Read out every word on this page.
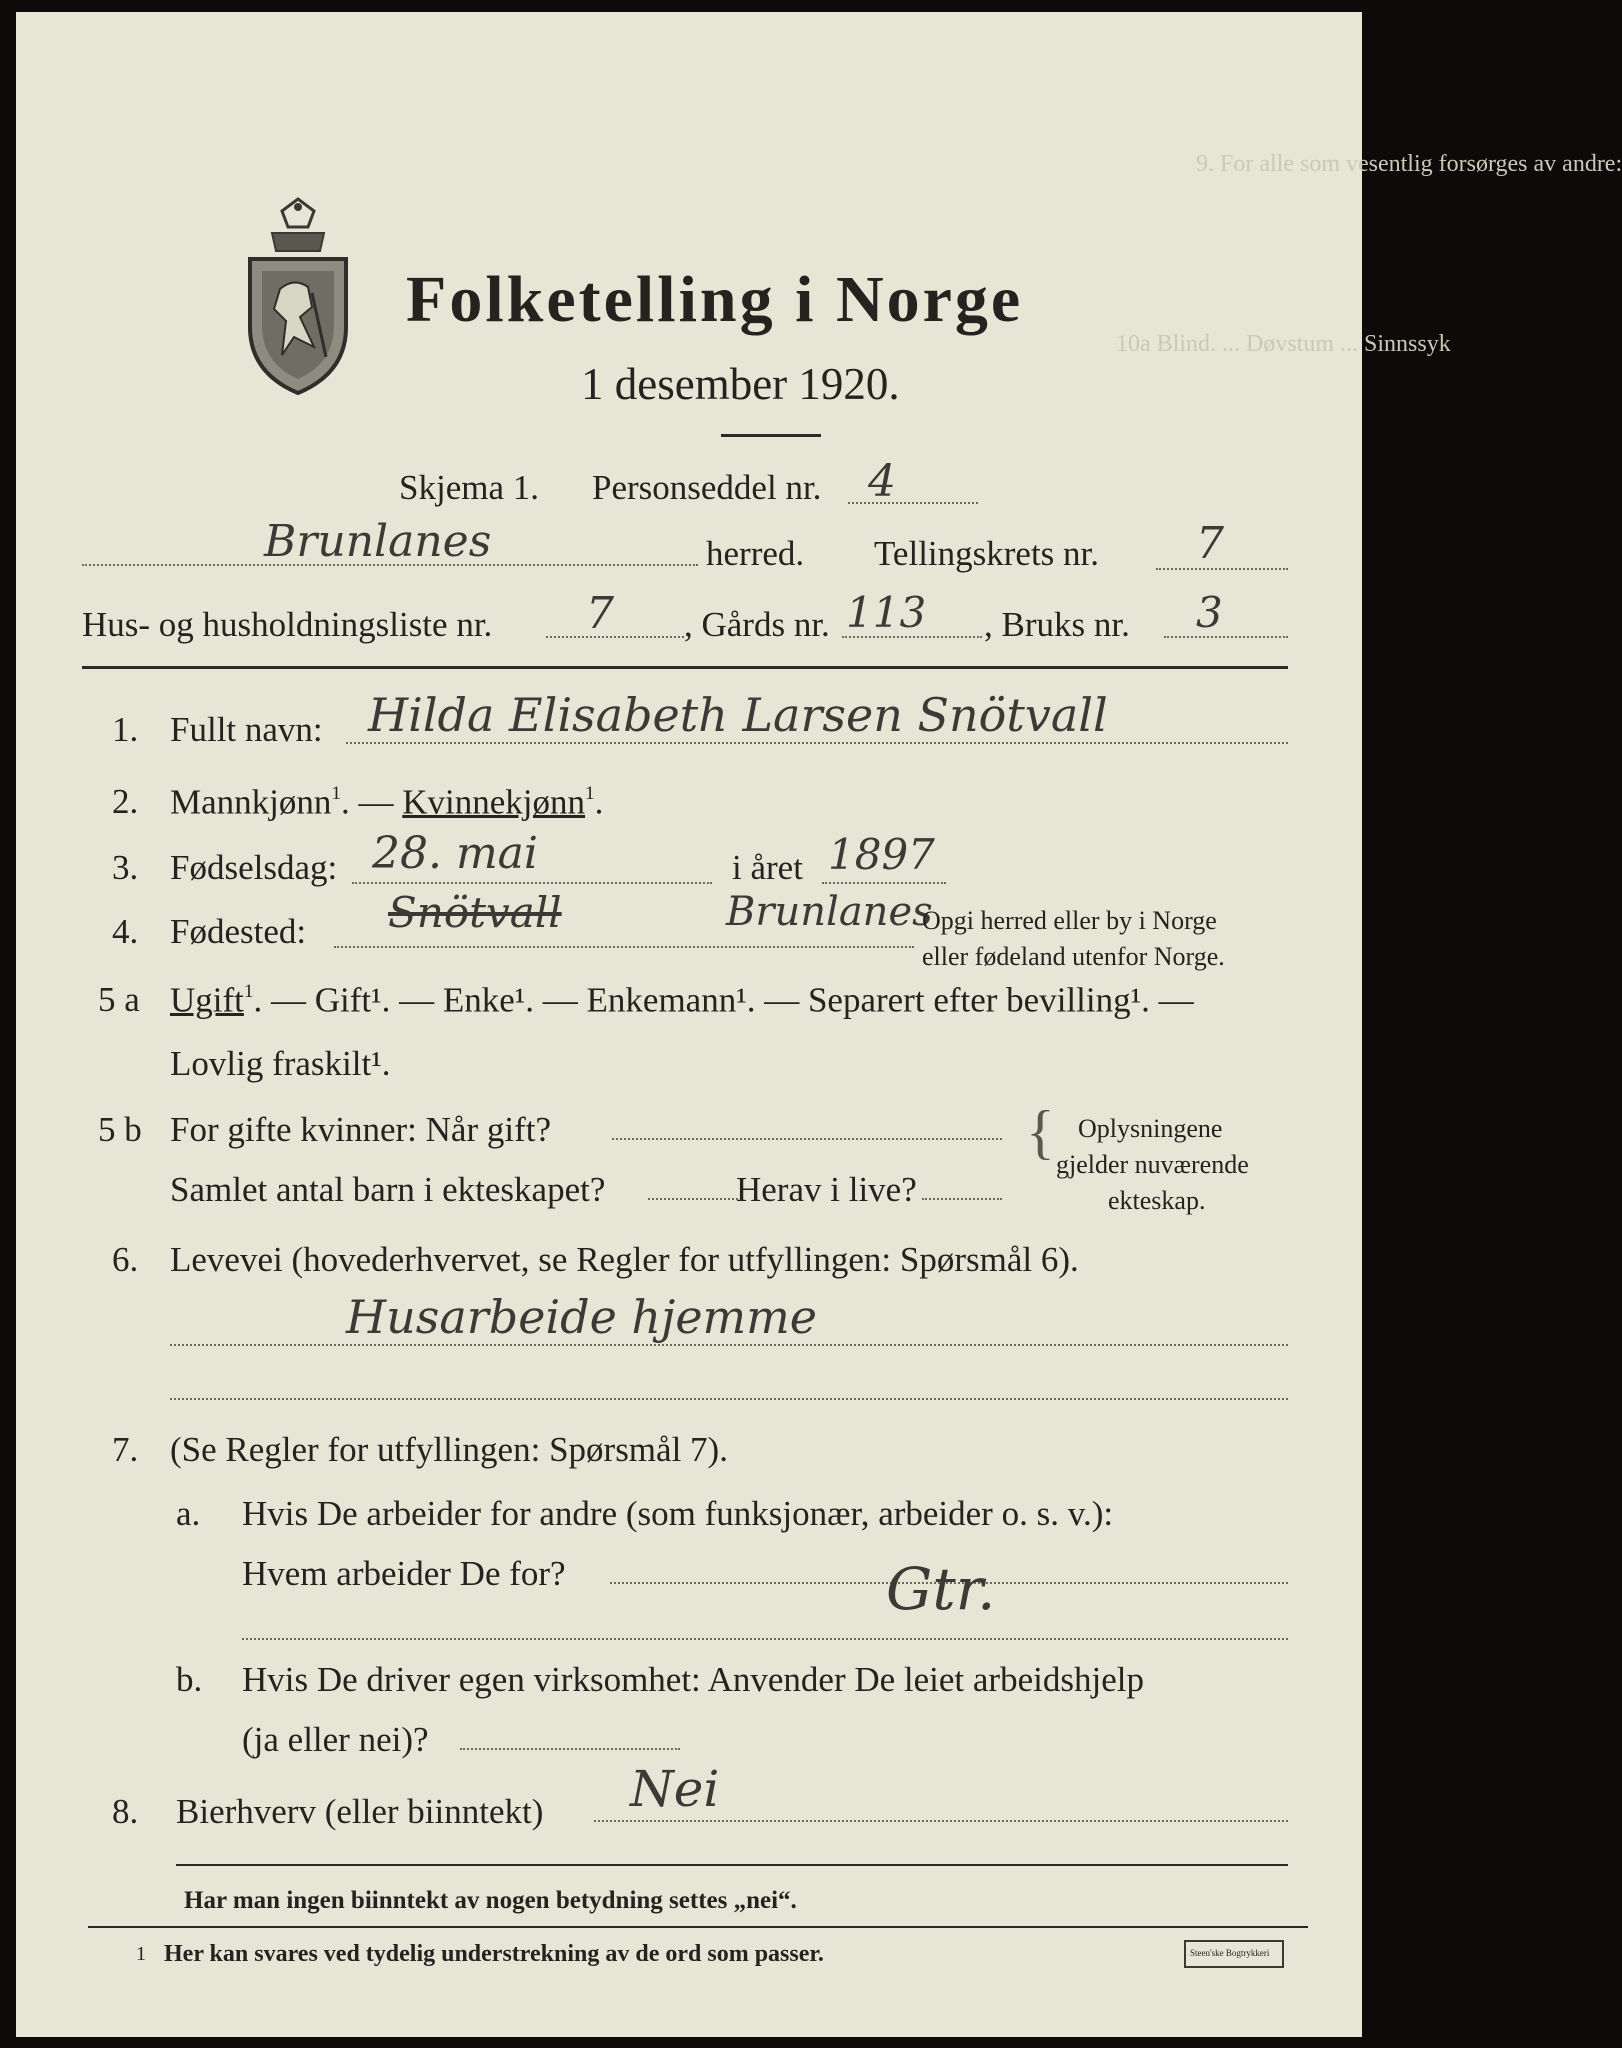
9. For alle som vesentlig forsørges av andre:
10a Blind. ... Døvstum ... Sinnssyk
Folketelling i Norge
1 desember 1920.
Skjema 1. Personseddel nr. 4
Brunlanes	herred. Tellingskrets nr. 7
Hus- og husholdningsliste nr. 7 , Gårds nr. 113 , Bruks nr. 3
1. Fullt navn: Hilda Elisabeth Larsen Snötvall
2. Mannkjønn$^1$. — Kvinnekjønn$^1$.
3. Fødselsdag: 28. mai	i året 1897
4. Fødested: Snötvall	Brunlanes
Opgi herred eller by i Norge
eller fødeland utenfor Norge.
5 a Ugift$^1$. — Gift¹. — Enke¹. — Enkemann¹. — Separert efter bevilling¹. —
Lovlig fraskilt¹.
5 b For gifte kvinner: Når gift?
Samlet antal barn i ekteskapet?	Herav i live?
{ Oplysningene
gjelder nuværende
ekteskap.
6. Levevei (hovederhvervet, se Regler for utfyllingen: Spørsmål 6).
Husarbeide hjemme
7. (Se Regler for utfyllingen: Spørsmål 7).
a. Hvis De arbeider for andre (som funksjonær, arbeider o. s. v.):
Hvem arbeider De for?	Gtr.
b. Hvis De driver egen virksomhet: Anvender De leiet arbeidshjelp
(ja eller nei)?
8. Bierhverv (eller biinntekt) Nei
Har man ingen biinntekt av nogen betydning settes „nei“.
1 Her kan svares ved tydelig understrekning av de ord som passer.	Steen'ske Bogtrykkeri
